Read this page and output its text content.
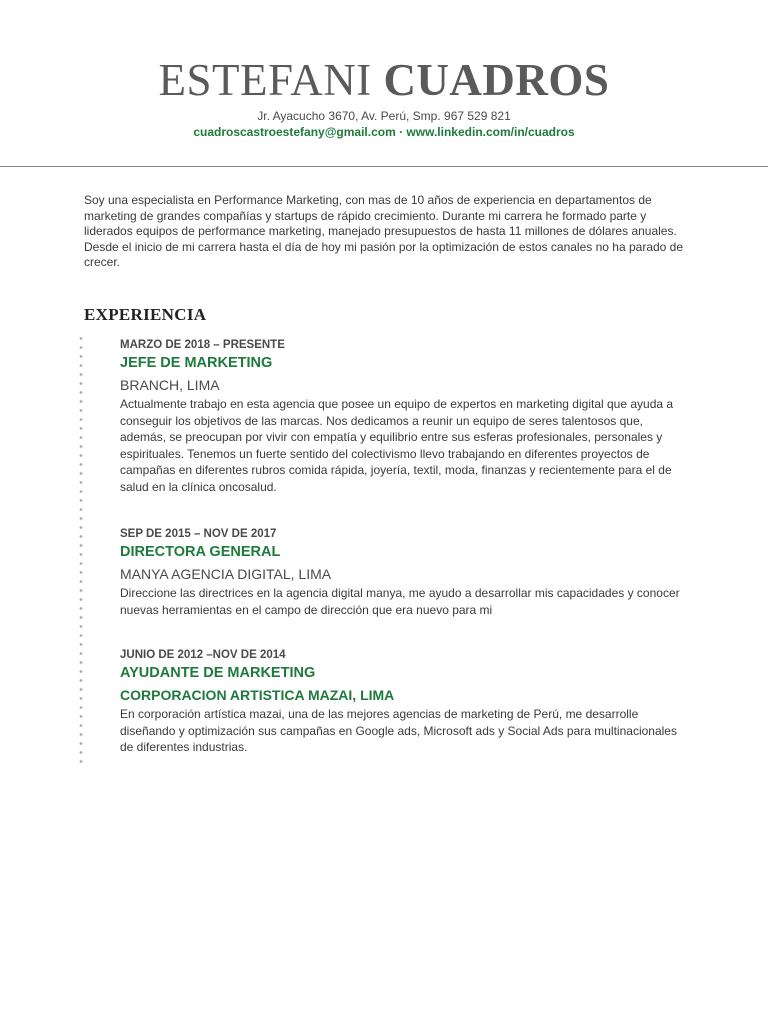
ESTEFANI CUADROS
Jr. Ayacucho 3670, Av. Perú, Smp. 967 529 821
cuadroscastroestefany@gmail.com · www.linkedin.com/in/cuadros
Soy una especialista en Performance Marketing, con mas de 10 años de experiencia en departamentos de marketing de grandes compañías y startups de rápido crecimiento. Durante mi carrera he formado parte y liderados equipos de performance marketing, manejado presupuestos de hasta 11 millones de dólares anuales. Desde el inicio de mi carrera hasta el día de hoy mi pasión por la optimización de estos canales no ha parado de crecer.
EXPERIENCIA
MARZO DE 2018 – PRESENTE
JEFE DE MARKETING
BRANCH, LIMA
Actualmente trabajo en esta agencia que posee un equipo de expertos en marketing digital que ayuda a conseguir los objetivos de las marcas. Nos dedicamos a reunir un equipo de seres talentosos que, además, se preocupan por vivir con empatía y equilibrio entre sus esferas profesionales, personales y espirituales. Tenemos un fuerte sentido del colectivismo llevo trabajando en diferentes proyectos de campañas en diferentes rubros comida rápida, joyería, textil, moda, finanzas y recientemente para el de salud en la clínica oncosalud.
SEP DE 2015 – NOV DE 2017
DIRECTORA GENERAL
MANYA AGENCIA DIGITAL, LIMA
Direccione las directrices en la agencia digital manya, me ayudo a desarrollar mis capacidades y conocer nuevas herramientas en el campo de dirección que era nuevo para mi
JUNIO DE 2012 –NOV DE 2014
AYUDANTE DE MARKETING
CORPORACION ARTISTICA MAZAI, LIMA
En corporación artística mazai, una de las mejores agencias de marketing de Perú, me desarrolle diseñando y optimización sus campañas en Google ads, Microsoft ads y Social Ads para multinacionales de diferentes industrias.
